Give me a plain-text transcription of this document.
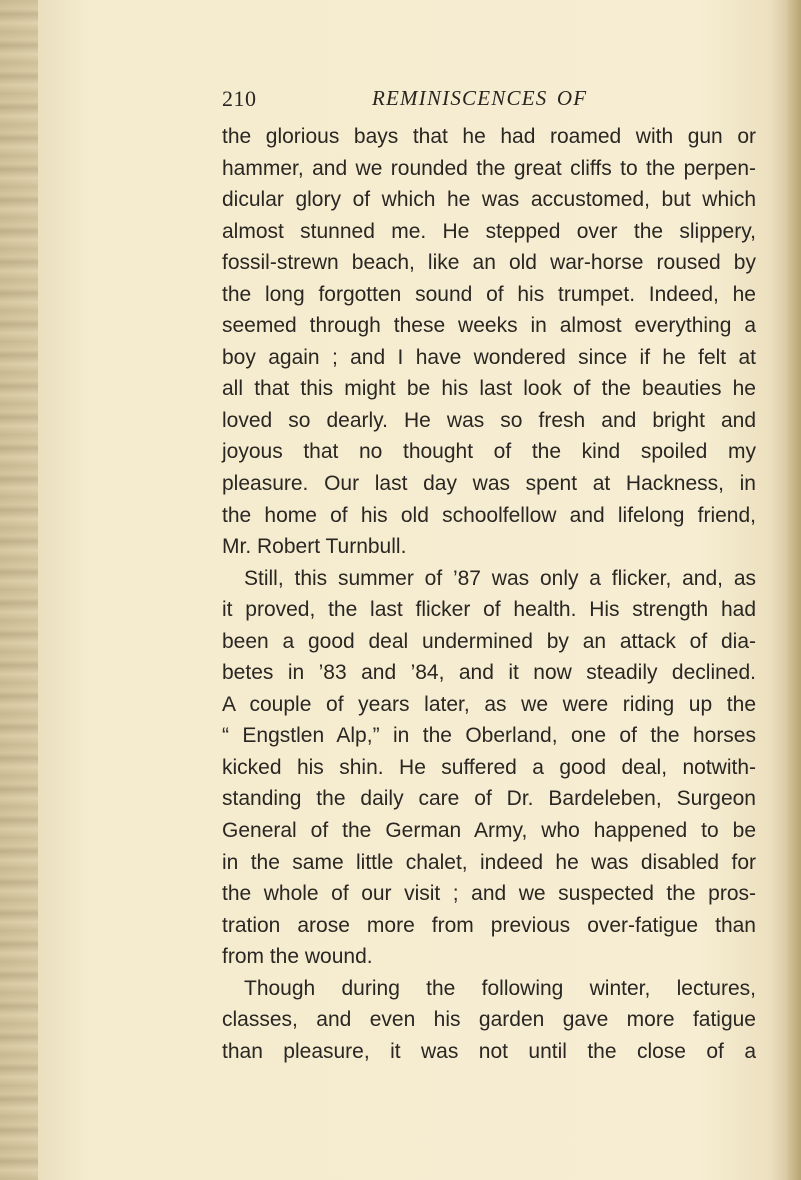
210	REMINISCENCES OF
the glorious bays that he had roamed with gun or
hammer, and we rounded the great cliffs to the perpen-
dicular glory of which he was accustomed, but which
almost stunned me. He stepped over the slippery,
fossil-strewn beach, like an old war-horse roused by
the long forgotten sound of his trumpet. Indeed, he
seemed through these weeks in almost everything a
boy again ; and I have wondered since if he felt at
all that this might be his last look of the beauties he
loved so dearly. He was so fresh and bright and
joyous that no thought of the kind spoiled my
pleasure. Our last day was spent at Hackness, in
the home of his old schoolfellow and lifelong friend,
Mr. Robert Turnbull.
Still, this summer of ’87 was only a flicker, and, as
it proved, the last flicker of health. His strength had
been a good deal undermined by an attack of dia-
betes in ’83 and ’84, and it now steadily declined.
A couple of years later, as we were riding up the
“ Engstlen Alp,” in the Oberland, one of the horses
kicked his shin. He suffered a good deal, notwith-
standing the daily care of Dr. Bardeleben, Surgeon
General of the German Army, who happened to be
in the same little chalet, indeed he was disabled for
the whole of our visit ; and we suspected the pros-
tration arose more from previous over-fatigue than
from the wound.
Though during the following winter, lectures,
classes, and even his garden gave more fatigue
than pleasure, it was not until the close of a
